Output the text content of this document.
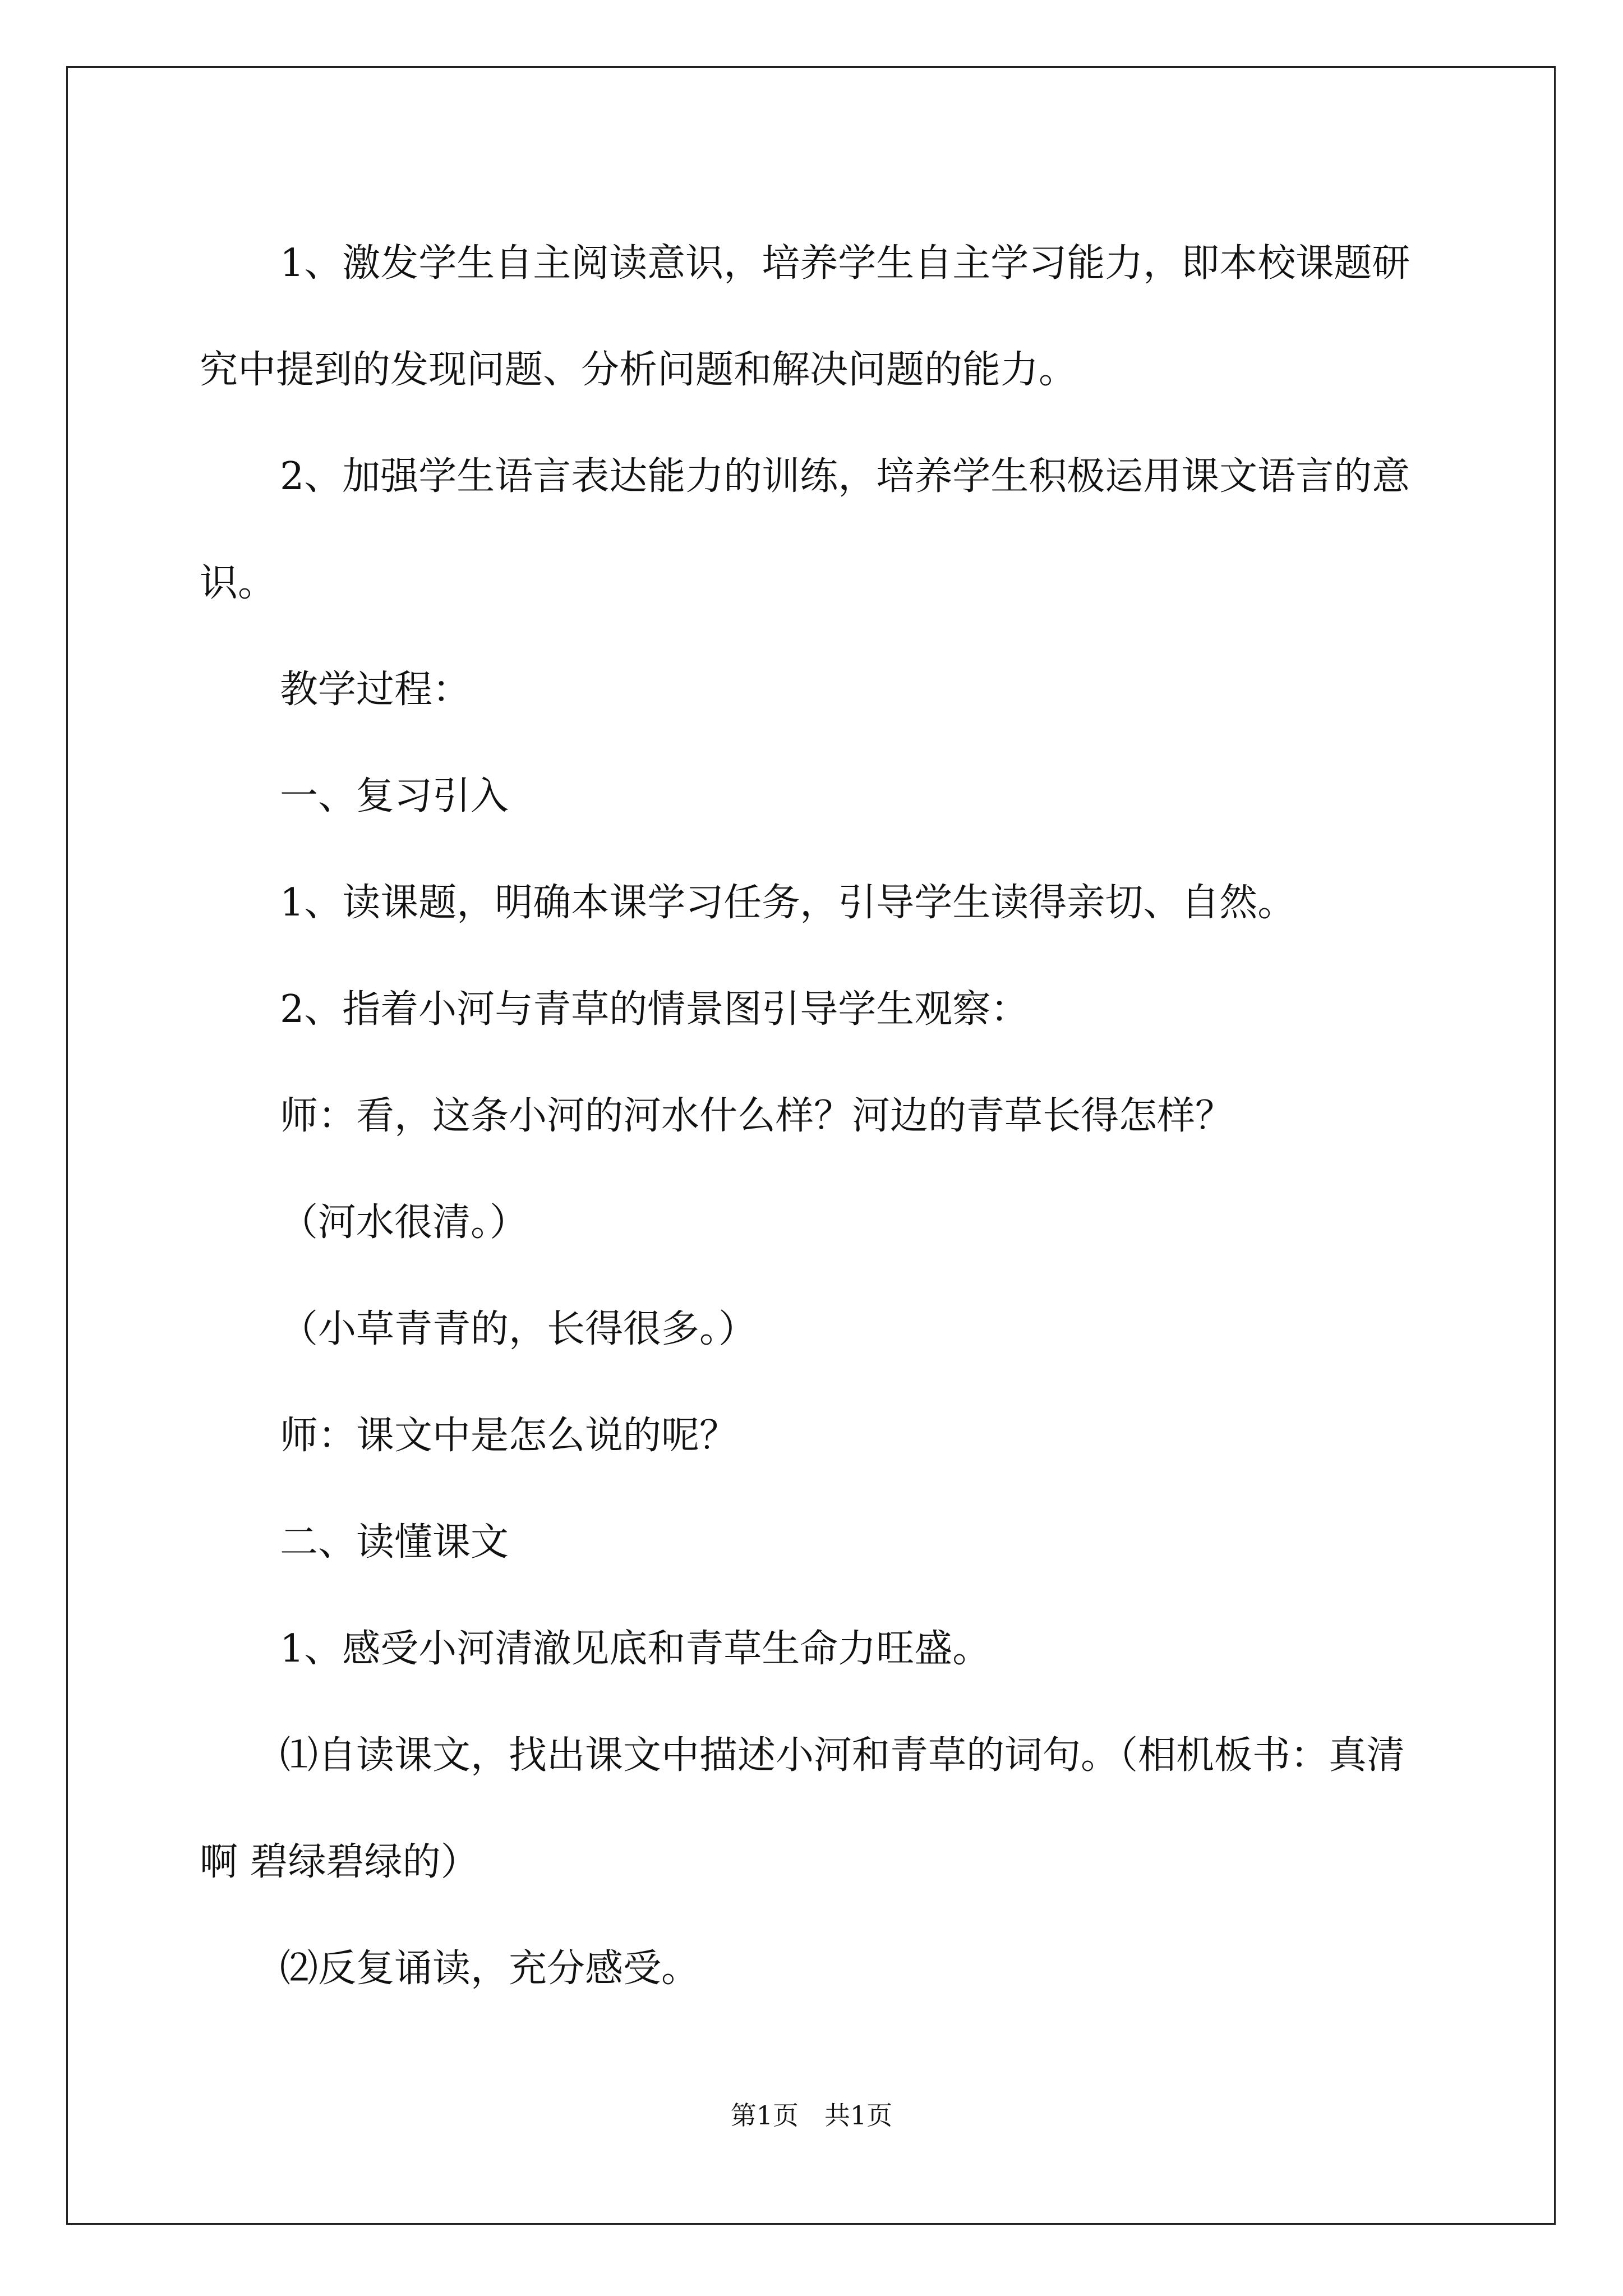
1、激发学生自主阅读意识，培养学生自主学习能力，即本校课题研究中提到的发现问题、分析问题和解决问题的能力。

2、加强学生语言表达能力的训练，培养学生积极运用课文语言的意识。

教学过程：

一、复习引入

1、读课题，明确本课学习任务，引导学生读得亲切、自然。

2、指着小河与青草的情景图引导学生观察：

师：看，这条小河的河水什么样？河边的青草长得怎样？

（河水很清。）

（小草青青的，长得很多。）

师：课文中是怎么说的呢？

二、读懂课文

1、感受小河清澈见底和青草生命力旺盛。

⑴自读课文，找出课文中描述小河和青草的词句。（相机板书：真清啊 碧绿碧绿的）

⑵反复诵读，充分感受。

第1页　共1页
